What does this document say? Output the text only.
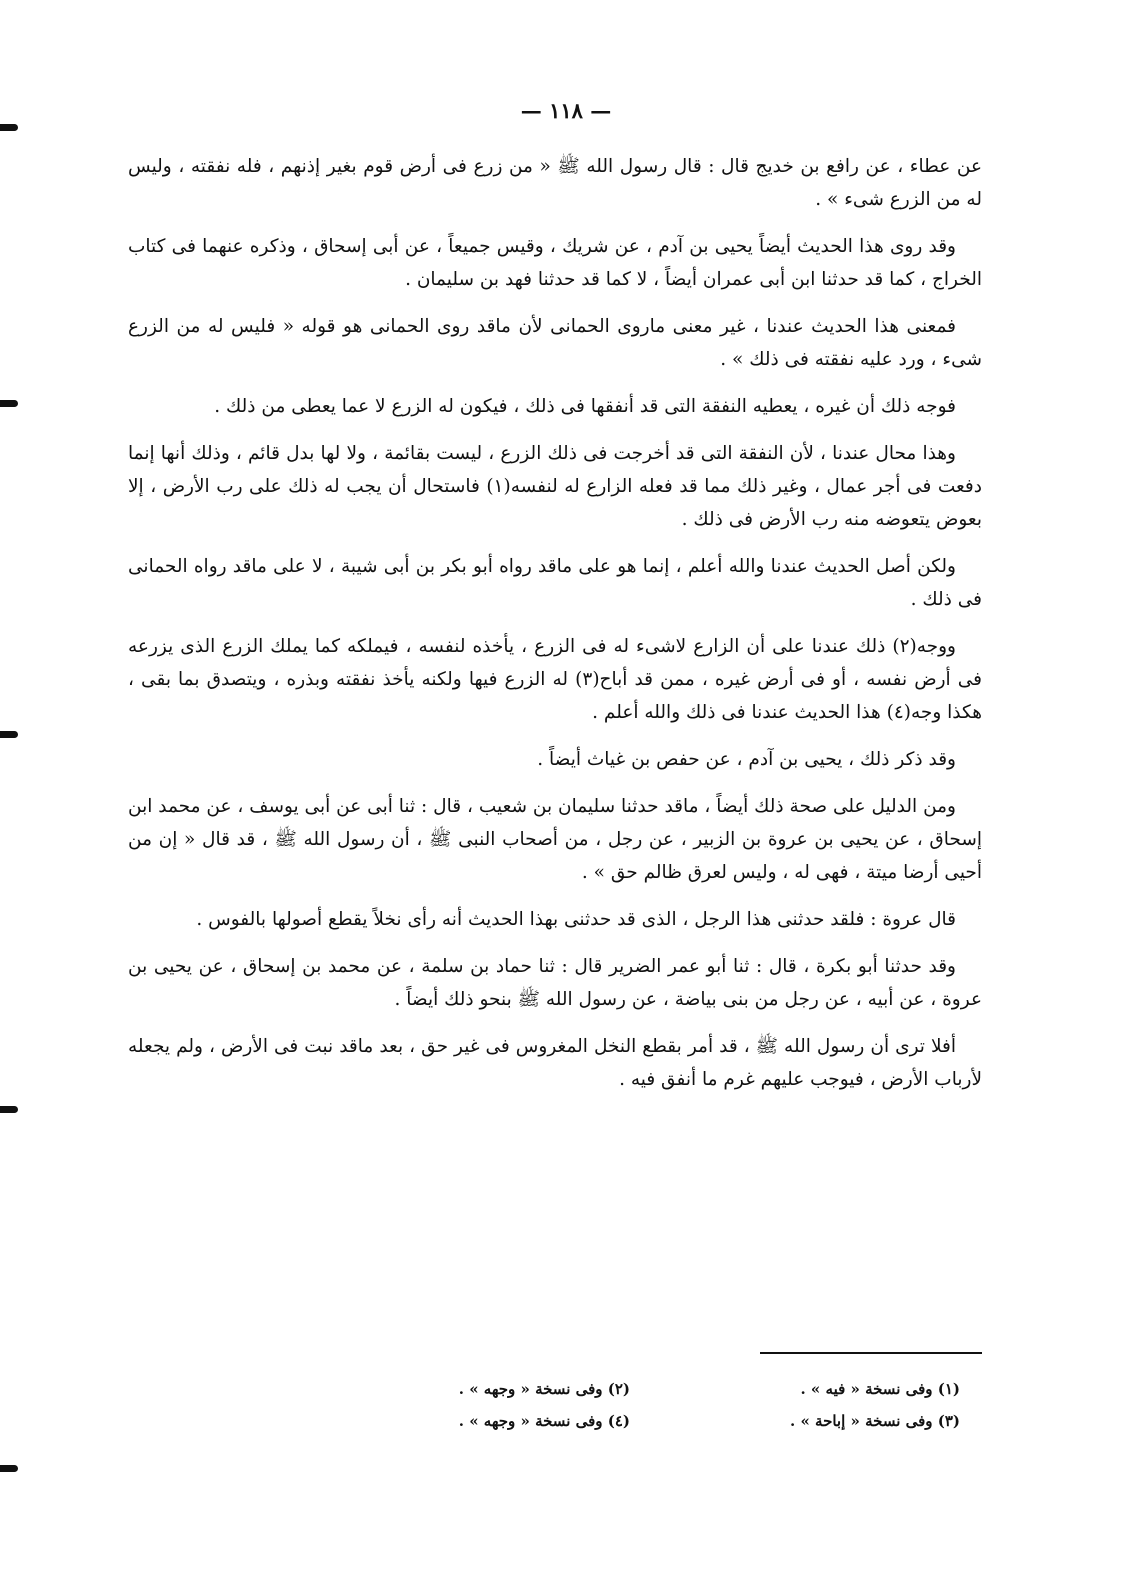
— ١١٨ —

عن عطاء ، عن رافع بن خديج قال : قال رسول الله ﷺ « من زرع فى أرض قوم بغير إذنهم ، فله نفقته ، وليس له من الزرع شىء » .

وقد روى هذا الحديث أيضاً يحيى بن آدم ، عن شريك ، وقيس جميعاً ، عن أبى إسحاق ، وذكره عنهما فى كتاب الخراج ، كما قد حدثنا ابن أبى عمران أيضاً ، لا كما قد حدثنا فهد بن سليمان .

فمعنى هذا الحديث عندنا ، غير معنى ماروى الحمانى لأن ماقد روى الحمانى هو قوله « فليس له من الزرع شىء ، ورد عليه نفقته فى ذلك » .

فوجه ذلك أن غيره ، يعطيه النفقة التى قد أنفقها فى ذلك ، فيكون له الزرع لا عما يعطى من ذلك .

وهذا محال عندنا ، لأن النفقة التى قد أخرجت فى ذلك الزرع ، ليست بقائمة ، ولا لها بدل قائم ، وذلك أنها إنما دفعت فى أجر عمال ، وغير ذلك مما قد فعله الزارع له لنفسه(١) فاستحال أن يجب له ذلك على رب الأرض ، إلا بعوض يتعوضه منه رب الأرض فى ذلك .

ولكن أصل الحديث عندنا والله أعلم ، إنما هو على ماقد رواه أبو بكر بن أبى شيبة ، لا على ماقد رواه الحمانى فى ذلك .

ووجه(٢) ذلك عندنا على أن الزارع لاشىء له فى الزرع ، يأخذه لنفسه ، فيملكه كما يملك الزرع الذى يزرعه فى أرض نفسه ، أو فى أرض غيره ، ممن قد أباح(٣) له الزرع فيها ولكنه يأخذ نفقته وبذره ، ويتصدق بما بقى ، هكذا وجه(٤) هذا الحديث عندنا فى ذلك والله أعلم .

وقد ذكر ذلك ، يحيى بن آدم ، عن حفص بن غياث أيضاً .

ومن الدليل على صحة ذلك أيضاً ، ماقد حدثنا سليمان بن شعيب ، قال : ثنا أبى عن أبى يوسف ، عن محمد ابن إسحاق ، عن يحيى بن عروة بن الزبير ، عن رجل ، من أصحاب النبى ﷺ ، أن رسول الله ﷺ ، قد قال « إن من أحيى أرضا ميتة ، فهى له ، وليس لعرق ظالم حق » .

قال عروة : فلقد حدثنى هذا الرجل ، الذى قد حدثنى بهذا الحديث أنه رأى نخلاً يقطع أصولها بالفوس .

وقد حدثنا أبو بكرة ، قال : ثنا أبو عمر الضرير قال : ثنا حماد بن سلمة ، عن محمد بن إسحاق ، عن يحيى بن عروة ، عن أبيه ، عن رجل من بنى بياضة ، عن رسول الله ﷺ بنحو ذلك أيضاً .

أفلا ترى أن رسول الله ﷺ ، قد أمر بقطع النخل المغروس فى غير حق ، بعد ماقد نبت فى الأرض ، ولم يجعله لأرباب الأرض ، فيوجب عليهم غرم ما أنفق فيه .

(١) وفى نسخة « فيه » .
(٢) وفى نسخة « وجهه » .
(٣) وفى نسخة « إباحة » .
(٤) وفى نسخة « وجهه » .
